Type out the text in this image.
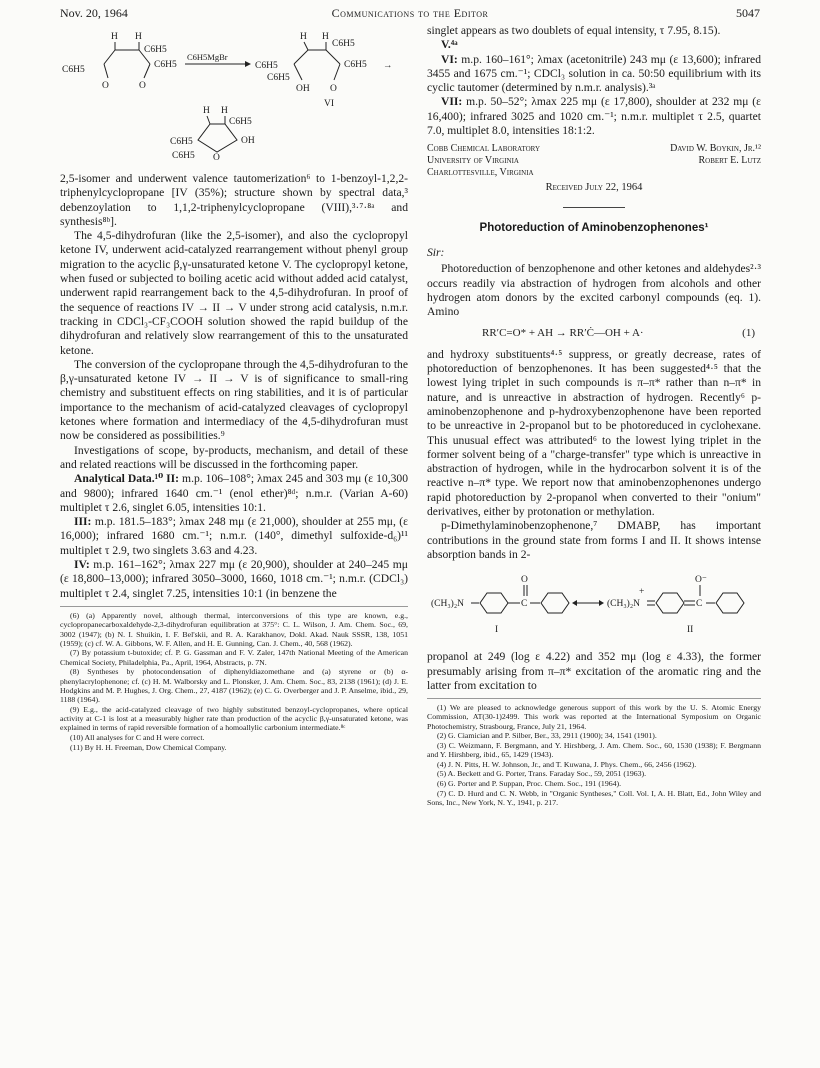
Nov. 20, 1964	Communications to the Editor	5047
H H
C6H5
C6H5
C6H5
O	O
C6H5MgBr
H H
C6H5
C6H5	C6H5
C6H5
OH O
VI
→
H H
C6H5
C6H5	OH
C6H5 O

2,5-isomer and underwent valence tautomerization⁶ to 1-benzoyl-1,2,2-triphenylcyclopropane [IV (35%); structure shown by spectral data,³ debenzoylation to 1,1,2-triphenylcyclopropane (VIII),³·⁷·⁸ᵃ and synthesis⁸ᵇ].

The 4,5-dihydrofuran (like the 2,5-isomer), and also the cyclopropyl ketone IV, underwent acid-catalyzed rearrangement without phenyl group migration to the acyclic β,γ-unsaturated ketone V. The cyclopropyl ketone, when fused or subjected to boiling acetic acid without added acid catalyst, underwent rapid rearrangement back to the 4,5-dihydrofuran. In proof of the sequence of reactions IV → II → V under strong acid catalysis, n.m.r. tracking in CDCl₃-CF₃COOH solution showed the rapid buildup of the dihydrofuran and relatively slow rearrangement of this to the unsaturated ketone.

The conversion of the cyclopropane through the 4,5-dihydrofuran to the β,γ-unsaturated ketone IV → II → V is of significance to small-ring chemistry and substituent effects on ring stabilities, and it is of particular importance to the mechanism of acid-catalyzed cleavages of cyclopropyl ketones where formation and intermediacy of the 4,5-dihydrofuran must now be considered as possibilities.⁹

Investigations of scope, by-products, mechanism, and detail of these and related reactions will be discussed in the forthcoming paper.

Analytical Data.¹⁰ II: m.p. 106–108°; λmax 245 and 303 mμ (ε 10,300 and 9800); infrared 1640 cm.⁻¹ (enol ether)⁸ᵈ; n.m.r. (Varian A-60) multiplet τ 2.6, singlet 6.05, intensities 10:1.

III: m.p. 181.5–183°; λmax 248 mμ (ε 21,000), shoulder at 255 mμ, (ε 16,000); infrared 1680 cm.⁻¹; n.m.r. (140°, dimethyl sulfoxide-d₆)¹¹ multiplet τ 2.9, two singlets 3.63 and 4.23.

IV: m.p. 161–162°; λmax 227 mμ (ε 20,900), shoulder at 240–245 mμ (ε 18,800–13,000); infrared 3050–3000, 1660, 1018 cm.⁻¹; n.m.r. (CDCl₃) multiplet τ 2.4, singlet 7.25, intensities 10:1 (in benzene the

(6) (a) Apparently novel, although thermal, interconversions of this type are known, e.g., cyclopropanecarboxaldehyde-2,3-dihydrofuran equilibration at 375°: C. L. Wilson, J. Am. Chem. Soc., 69, 3002 (1947); (b) N. I. Shuikin, I. F. Bel'skii, and R. A. Karakhanov, Dokl. Akad. Nauk SSSR, 138, 1051 (1959); (c) cf. W. A. Gibbons, W. F. Allen, and H. E. Gunning, Can. J. Chem., 40, 568 (1962).
(7) By potassium t-butoxide; cf. P. G. Gassman and F. V. Zaler, 147th National Meeting of the American Chemical Society, Philadelphia, Pa., April, 1964, Abstracts, p. 7N.
(8) Syntheses by photocondensation of diphenyldiazomethane and (a) styrene or (b) α-phenylacrylophenone; cf. (c) H. M. Walborsky and L. Plonsker, J. Am. Chem. Soc., 83, 2138 (1961); (d) J. E. Hodgkins and M. P. Hughes, J. Org. Chem., 27, 4187 (1962); (e) C. G. Overberger and J. P. Anselme, ibid., 29, 1188 (1964).
(9) E.g., the acid-catalyzed cleavage of two highly substituted benzoyl-cyclopropanes, where optical activity at C-1 is lost at a measurably higher rate than production of the acyclic β,γ-unsaturated ketone, was explained in terms of rapid reversible formation of a homoallylic carbonium intermediate.⁸ᶜ
(10) All analyses for C and H were correct.
(11) By H. H. Freeman, Dow Chemical Company.

singlet appears as two doublets of equal intensity, τ 7.95, 8.15).

V.⁴ᵃ

VI: m.p. 160–161°; λmax (acetonitrile) 243 mμ (ε 13,600); infrared 3455 and 1675 cm.⁻¹; CDCl₃ solution in ca. 50:50 equilibrium with its cyclic tautomer (determined by n.m.r. analysis).³ᵃ

VII: m.p. 50–52°; λmax 225 mμ (ε 17,800), shoulder at 232 mμ (ε 16,400); infrared 3025 and 1020 cm.⁻¹; n.m.r. multiplet τ 2.5, quartet 7.0, multiplet 8.0, intensities 18:1:2.

Cobb Chemical Laboratory
University of Virginia
Charlottesville, Virginia
David W. Boykin, Jr.¹²
Robert E. Lutz
Received July 22, 1964
Photoreduction of Aminobenzophenones¹
Sir:

Photoreduction of benzophenone and other ketones and aldehydes²·³ occurs readily via abstraction of hydrogen from alcohols and other hydrogen atom donors by the excited carbonyl compounds (eq. 1). Amino

RR′C=O* + AH → RR′Ċ—OH + A·	(1)

and hydroxy substituents⁴·⁵ suppress, or greatly decrease, rates of photoreduction of benzophenones. It has been suggested⁴·⁵ that the lowest lying triplet in such compounds is π–π* rather than n–π* in nature, and is unreactive in abstraction of hydrogen. Recently⁶ p-aminobenzophenone and p-hydroxybenzophenone have been reported to be unreactive in 2-propanol but to be photoreduced in cyclohexane. This unusual effect was attributed⁶ to the lowest lying triplet in the former solvent being of a "charge-transfer" type which is unreactive in abstraction of hydrogen, while in the hydrocarbon solvent it is of the reactive n–π* type. We report now that aminobenzophenones undergo rapid photoreduction by 2-propanol when converted to their "onium" derivatives, either by protonation or methylation.

p-Dimethylaminobenzophenone,⁷ DMABP, has important contributions in the ground state from forms I and II. It shows intense absorption bands in 2-

(CH₃)₂N	C
O
I
(CH₃)₂N
+
C
O⁻
II

propanol at 249 (log ε 4.22) and 352 mμ (log ε 4.33), the former presumably arising from π–π* excitation of the aromatic ring and the latter from excitation to

(1) We are pleased to acknowledge generous support of this work by the U. S. Atomic Energy Commission, AT(30-1)2499. This work was reported at the International Symposium on Organic Photochemistry, Strasbourg, France, July 21, 1964.
(2) G. Ciamician and P. Silber, Ber., 33, 2911 (1900); 34, 1541 (1901).
(3) C. Weizmann, F. Bergmann, and Y. Hirshberg, J. Am. Chem. Soc., 60, 1530 (1938); F. Bergmann and Y. Hirshberg, ibid., 65, 1429 (1943).
(4) J. N. Pitts, H. W. Johnson, Jr., and T. Kuwana, J. Phys. Chem., 66, 2456 (1962).
(5) A. Beckett and G. Porter, Trans. Faraday Soc., 59, 2051 (1963).
(6) G. Porter and P. Suppan, Proc. Chem. Soc., 191 (1964).
(7) C. D. Hurd and C. N. Webb, in "Organic Syntheses," Coll. Vol. I, A. H. Blatt, Ed., John Wiley and Sons, Inc., New York, N. Y., 1941, p. 217.
